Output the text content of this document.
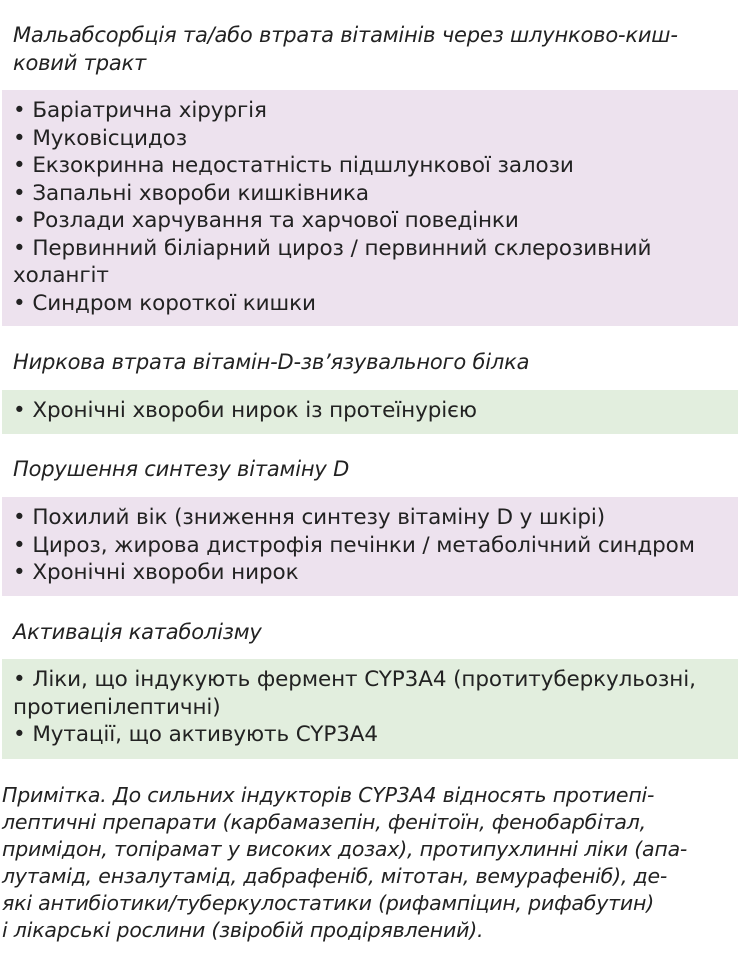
Мальабсорбція та/або втрата вітамінів через шлунково-киш-
ковий тракт
• Баріатрична хірургія
• Муковісцидоз
• Екзокринна недостатність підшлункової залози
• Запальні хвороби кишківника
• Розлади харчування та харчової поведінки
• Первинний біліарний цироз / первинний склерозивний
холангіт
• Синдром короткої кишки
Ниркова втрата вітамін-D-зв’язувального білка
• Хронічні хвороби нирок із протеїнурією
Порушення синтезу вітаміну D
• Похилий вік (зниження синтезу вітаміну D у шкірі)
• Цироз, жирова дистрофія печінки / метаболічний синдром
• Хронічні хвороби нирок
Активація катаболізму
• Ліки, що індукують фермент CYP3A4 (протитуберкульозні,
протиепілептичні)
• Мутації, що активують CYP3A4
Примітка. До сильних індукторів CYP3A4 відносять протиепі-
лептичні препарати (карбамазепін, фенітоїн, фенобарбітал,
примідон, топірамат у високих дозах), протипухлинні ліки (апа-
лутамід, ензалутамід, дабрафеніб, мітотан, вемурафеніб), де-
які антибіотики/туберкулостатики (рифампіцин, рифабутин)
і лікарські рослини (звіробій продірявлений).
